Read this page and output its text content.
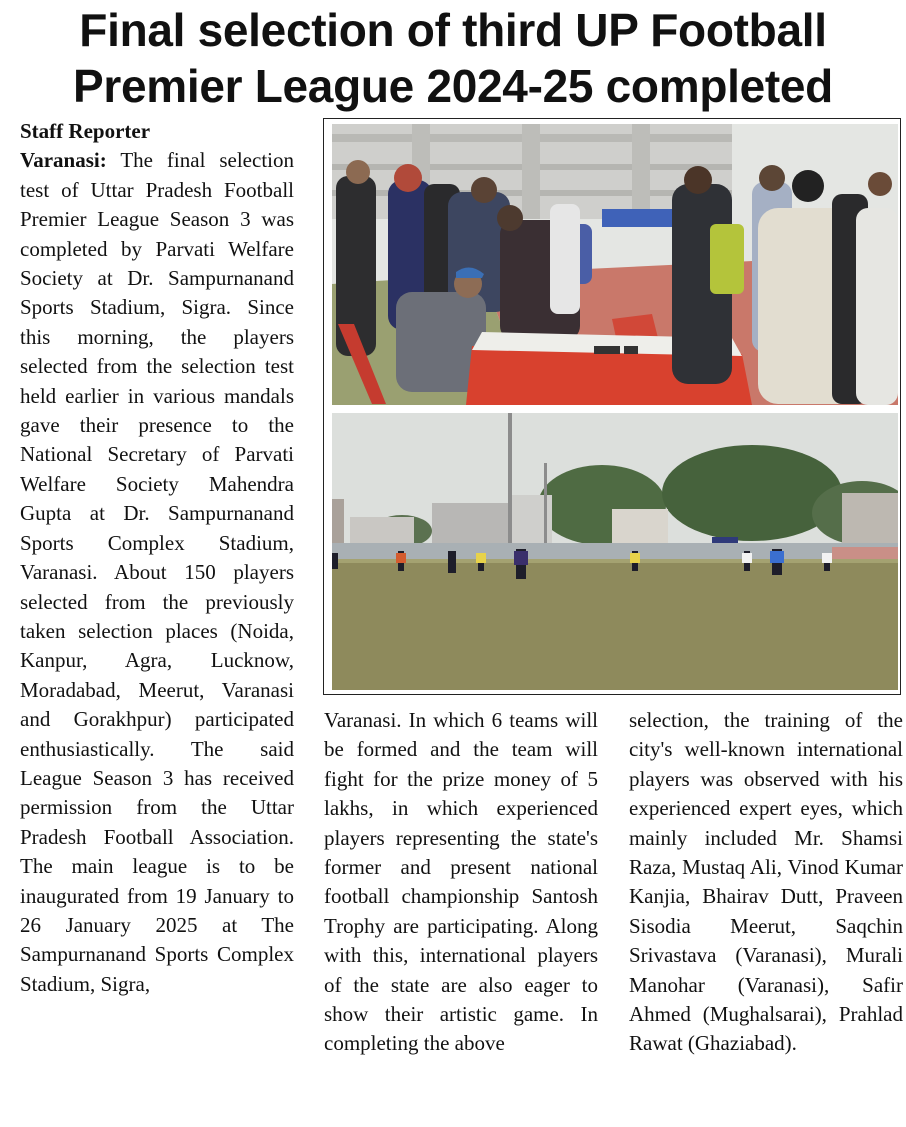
Final selection of third UP Football
Premier League 2024-25 completed
Staff Reporter

Varanasi: The final selection test of Uttar Pradesh Football Premier League Season 3 was completed by Parvati Welfare Society at Dr. Sampurnanand Sports Stadium, Sigra. Since this morning, the players selected from the selection test held earlier in various mandals gave their presence to the National Secretary of Parvati Welfare Society Mahendra Gupta at Dr. Sampurnanand Sports Complex Stadium, Varanasi. About 150 players selected from the previously taken selection places (Noida, Kanpur, Agra, Lucknow, Moradabad, Meerut, Varanasi and Gorakhpur) participated enthusiastically. The said League Season 3 has received permission from the Uttar Pradesh Football Association. The main league is to be inaugurated from 19 January to 26 January 2025 at The Sampurnanand Sports Complex Stadium, Sigra,

Varanasi. In which 6 teams will be formed and the team will fight for the prize money of 5 lakhs, in which experienced players representing the state's former and present national football championship Santosh Trophy are participating. Along with this, international players of the state are also eager to show their artistic game. In completing the above

selection, the training of the city's well-known international players was observed with his experienced expert eyes, which mainly included Mr. Shamsi Raza, Mustaq Ali, Vinod Kumar Kanjia, Bhairav Dutt, Praveen Sisodia Meerut, Saqchin Srivastava (Varanasi), Murali Manohar (Varanasi), Safir Ahmed (Mughalsarai), Prahlad Rawat (Ghaziabad).
